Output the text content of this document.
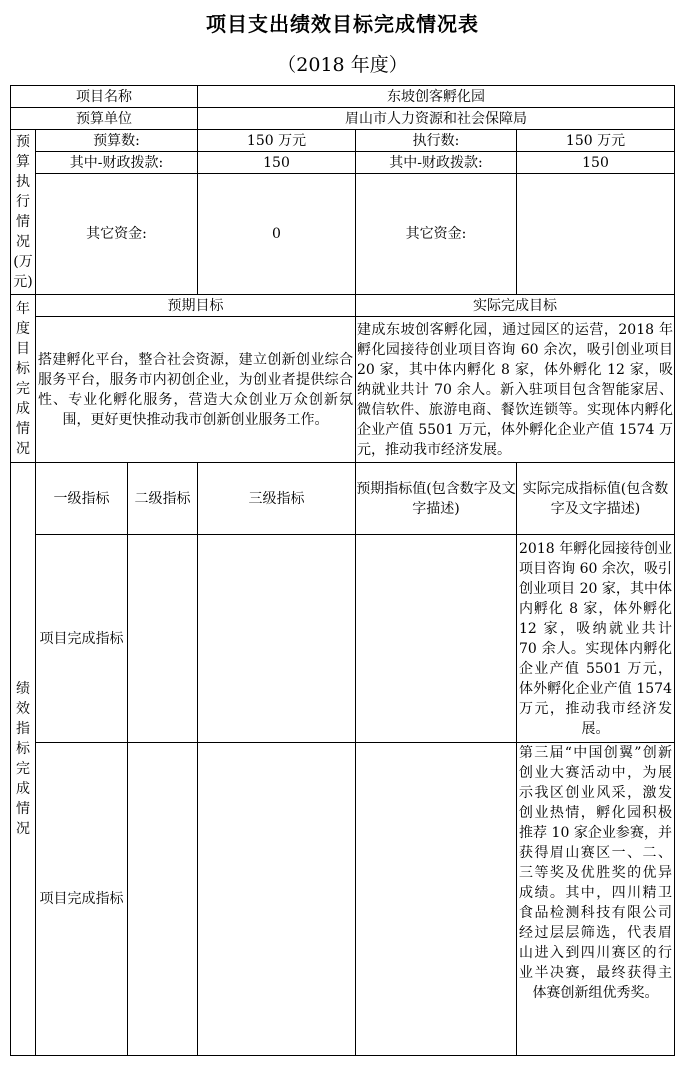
项目支出绩效目标完成情况表
（2018 年度）
项目名称			东坡创客孵化园		
预算单位			眉山市人力资源和社会保障局		
预算执行情况(万元)	预算数:		150 万元	执行数:	150 万元
	其中-财政拨款:		150	其中-财政拨款:	150
	其它资金:		0	其它资金:	
年度目标完成情况	预期目标			实际完成目标	
	搭建孵化平台，整合社会资源，建立创新创业综合服务平台，服务市内初创企业，为创业者提供综合性、专业化孵化服务，营造大众创业万众创新氛围，更好更快推动我市创新创业服务工作。			建成东坡创客孵化园，通过园区的运营，2018 年孵化园接待创业项目咨询 60 余次，吸引创业项目 20 家，其中体内孵化 8 家，体外孵化 12 家，吸纳就业共计 70 余人。新入驻项目包含智能家居、微信软件、旅游电商、餐饮连锁等。实现体内孵化企业产值 5501 万元，体外孵化企业产值 1574 万元，推动我市经济发展。	
绩效指标完成情况	一级指标	二级指标	三级指标	预期指标值(包含数字及文字描述)	实际完成指标值(包含数字及文字描述)
	项目完成指标				2018 年孵化园接待创业项目咨询 60 余次，吸引创业项目 20 家，其中体内孵化 8 家，体外孵化 12 家，吸纳就业共计 70 余人。实现体内孵化企业产值 5501 万元，体外孵化企业产值 1574 万元，推动我市经济发展。
	项目完成指标				第三届“中国创翼”创新创业大赛活动中，为展示我区创业风采，激发创业热情，孵化园积极推荐 10 家企业参赛，并获得眉山赛区一、二、三等奖及优胜奖的优异成绩。其中，四川精卫食品检测科技有限公司经过层层筛选，代表眉山进入到四川赛区的行业半决赛，最终获得主体赛创新组优秀奖。
